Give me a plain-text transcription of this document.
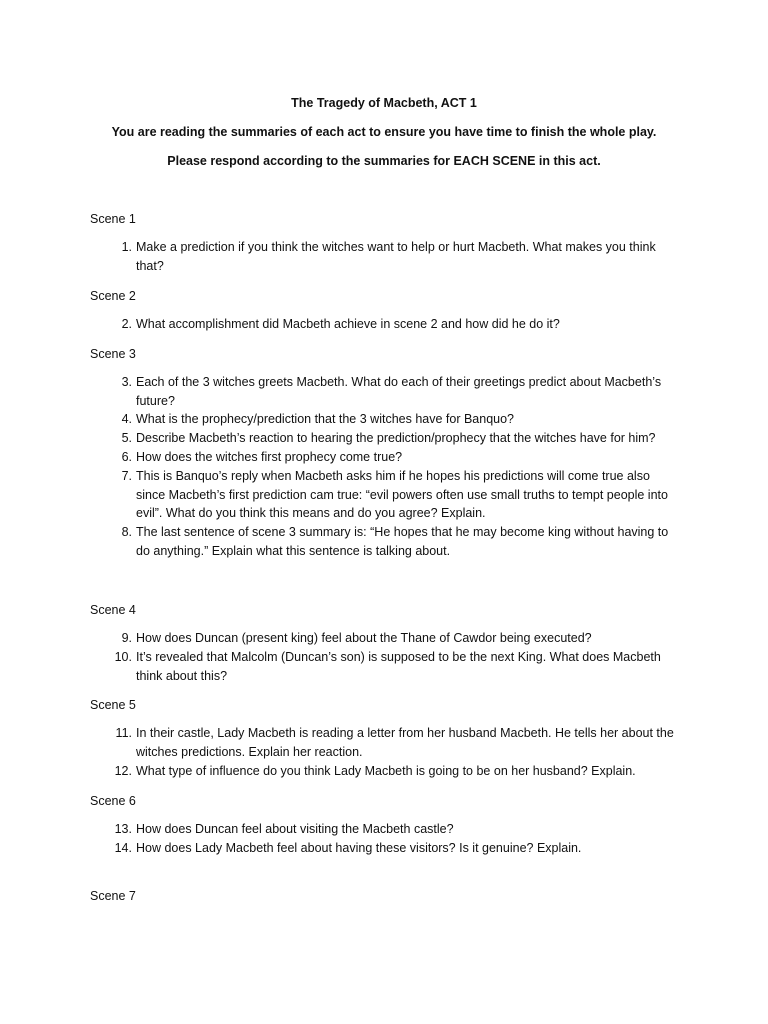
The Tragedy of Macbeth, ACT 1
You are reading the summaries of each act to ensure you have time to finish the whole play.
Please respond according to the summaries for EACH SCENE in this act.
Scene 1
1. Make a prediction if you think the witches want to help or hurt Macbeth. What makes you think that?
Scene 2
2. What accomplishment did Macbeth achieve in scene 2 and how did he do it?
Scene 3
3. Each of the 3 witches greets Macbeth. What do each of their greetings predict about Macbeth’s future?
4. What is the prophecy/prediction that the 3 witches have for Banquo?
5. Describe Macbeth’s reaction to hearing the prediction/prophecy that the witches have for him?
6. How does the witches first prophecy come true?
7. This is Banquo’s reply when Macbeth asks him if he hopes his predictions will come true also since Macbeth’s first prediction cam true: “evil powers often use small truths to tempt people into evil”. What do you think this means and do you agree? Explain.
8. The last sentence of scene 3 summary is: “He hopes that he may become king without having to do anything.” Explain what this sentence is talking about.
Scene 4
9. How does Duncan (present king) feel about the Thane of Cawdor being executed?
10. It’s revealed that Malcolm (Duncan’s son) is supposed to be the next King. What does Macbeth think about this?
Scene 5
11. In their castle, Lady Macbeth is reading a letter from her husband Macbeth. He tells her about the witches predictions. Explain her reaction.
12. What type of influence do you think Lady Macbeth is going to be on her husband? Explain.
Scene 6
13. How does Duncan feel about visiting the Macbeth castle?
14. How does Lady Macbeth feel about having these visitors? Is it genuine? Explain.
Scene 7
